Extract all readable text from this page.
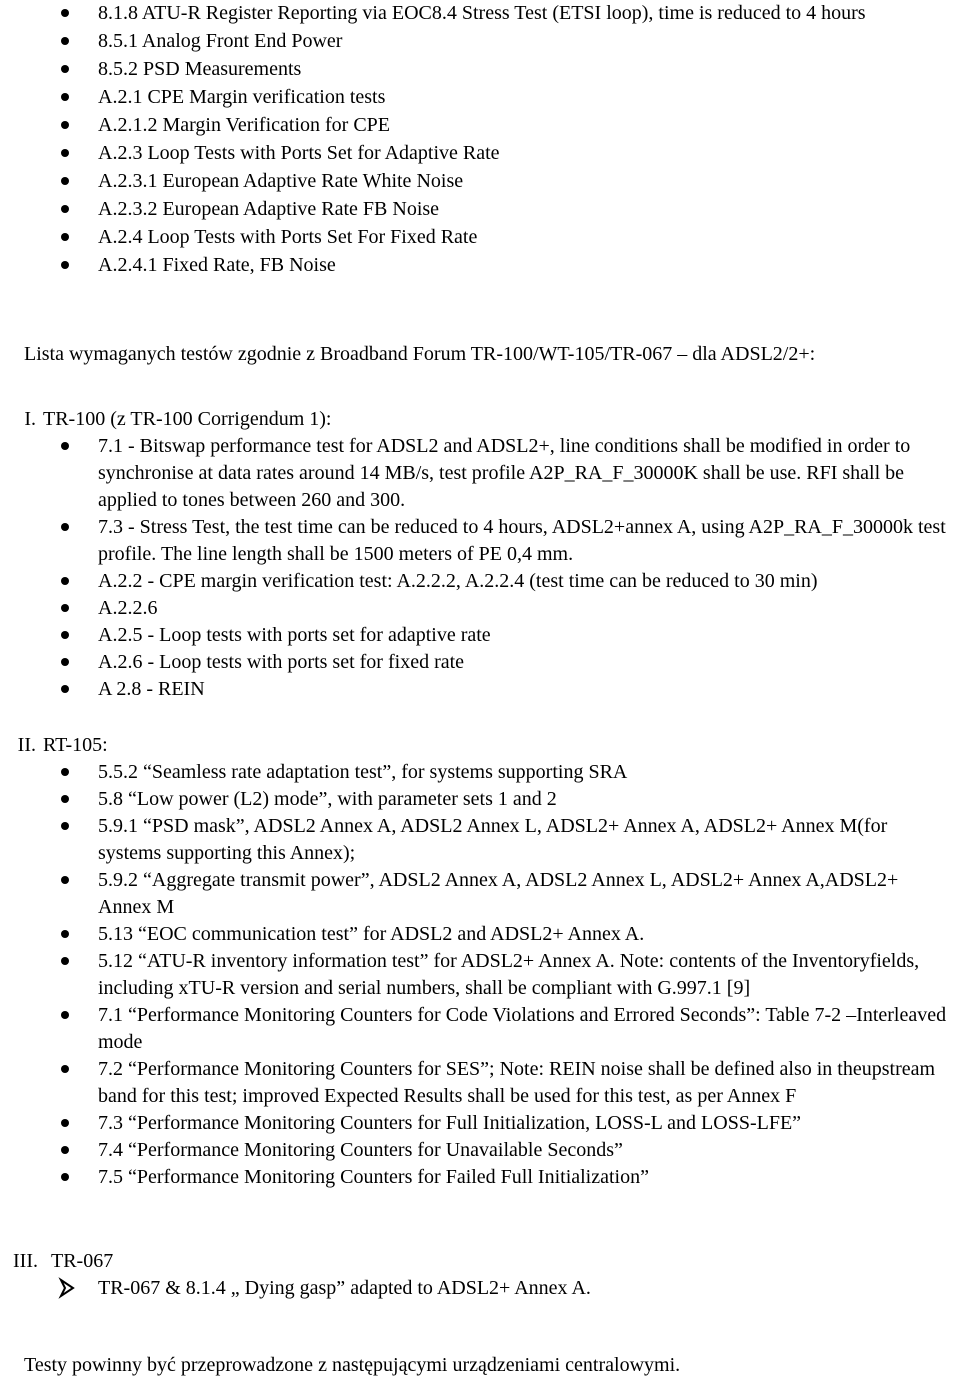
8.1.8 ATU-R Register Reporting via EOC8.4 Stress Test (ETSI loop), time is reduced to 4 hours
8.5.1 Analog Front End Power
8.5.2 PSD Measurements
A.2.1 CPE Margin verification tests
A.2.1.2 Margin Verification for CPE
A.2.3 Loop Tests with Ports Set for Adaptive Rate
A.2.3.1 European Adaptive Rate White Noise
A.2.3.2 European Adaptive Rate FB Noise
A.2.4 Loop Tests with Ports Set For Fixed Rate
A.2.4.1 Fixed Rate, FB Noise
Lista wymaganych testów zgodnie z Broadband Forum TR-100/WT-105/TR-067 – dla ADSL2/2+:
I. TR-100 (z TR-100 Corrigendum 1):
7.1 - Bitswap performance test for ADSL2 and ADSL2+, line conditions shall be modified in order to synchronise at data rates around 14 MB/s, test profile A2P_RA_F_30000K shall be use. RFI shall be applied to tones between 260 and 300.
7.3 - Stress Test, the test time can be reduced to 4 hours, ADSL2+annex A, using A2P_RA_F_30000k test profile. The line length shall be 1500 meters of PE 0,4 mm.
A.2.2 - CPE margin verification test: A.2.2.2, A.2.2.4 (test time can be reduced to 30 min)
A.2.2.6
A.2.5 - Loop tests with ports set for adaptive rate
A.2.6 - Loop tests with ports set for fixed rate
A 2.8 - REIN
II. RT-105:
5.5.2 “Seamless rate adaptation test”, for systems supporting SRA
5.8 “Low power (L2) mode”, with parameter sets 1 and 2
5.9.1 “PSD mask”, ADSL2 Annex A, ADSL2 Annex L, ADSL2+ Annex A, ADSL2+ Annex M(for systems supporting this Annex);
5.9.2 “Aggregate transmit power”, ADSL2 Annex A, ADSL2 Annex L, ADSL2+ Annex A,ADSL2+ Annex M
5.13 “EOC communication test” for ADSL2 and ADSL2+ Annex A.
5.12 “ATU-R inventory information test” for ADSL2+ Annex A. Note: contents of the Inventoryfields, including xTU-R version and serial numbers, shall be compliant with G.997.1 [9]
7.1 “Performance Monitoring Counters for Code Violations and Errored Seconds”: Table 7-2 –Interleaved mode
7.2 “Performance Monitoring Counters for SES”; Note: REIN noise shall be defined also in theupstream band for this test; improved Expected Results shall be used for this test, as per Annex F
7.3 “Performance Monitoring Counters for Full Initialization, LOSS-L and LOSS-LFE”
7.4 “Performance Monitoring Counters for Unavailable Seconds”
7.5 “Performance Monitoring Counters for Failed Full Initialization”
III. TR-067
TR-067 & 8.1.4 „ Dying gasp” adapted to ADSL2+ Annex A.
Testy powinny być przeprowadzone z następującymi urządzeniami centralowymi.
